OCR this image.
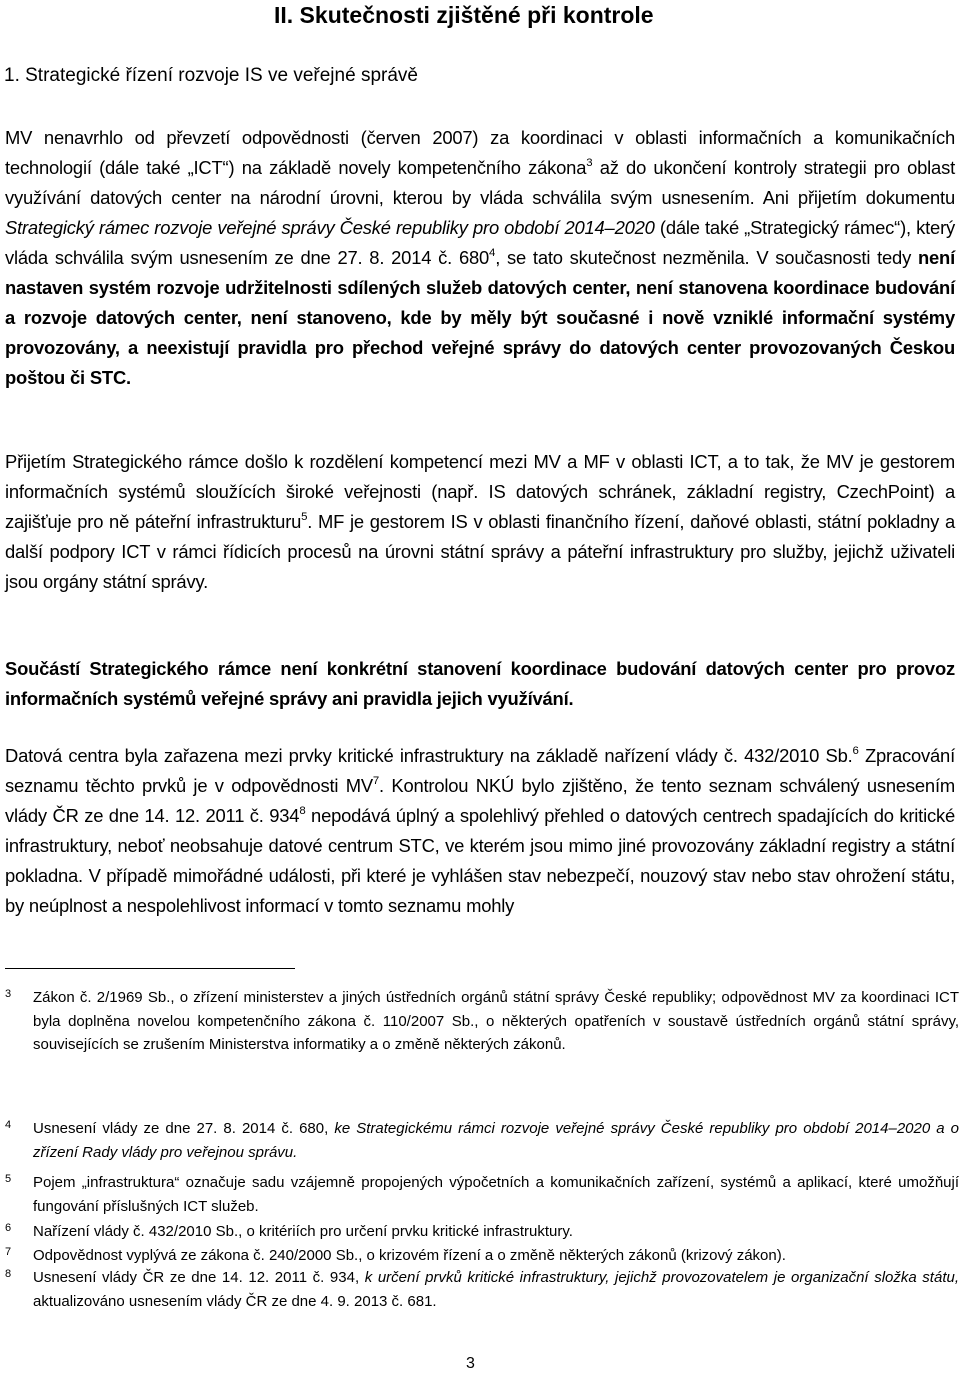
II. Skutečnosti zjištěné při kontrole
1. Strategické řízení rozvoje IS ve veřejné správě

MV nenavrhlo od převzetí odpovědnosti (červen 2007) za koordinaci v oblasti informačních a komunikačních technologií (dále také „ICT“) na základě novely kompetenčního zákona$^3$ až do ukončení kontroly strategii pro oblast využívání datových center na národní úrovni, kterou by vláda schválila svým usnesením. Ani přijetím dokumentu Strategický rámec rozvoje veřejné správy České republiky pro období 2014–2020 (dále také „Strategický rámec“), který vláda schválila svým usnesením ze dne 27. 8. 2014 č. $680^4$, se tato skutečnost nezměnila. V současnosti tedy není nastaven systém rozvoje udržitelnosti sdílených služeb datových center, není stanovena koordinace budování a rozvoje datových center, není stanoveno, kde by měly být současné i nově vzniklé informační systémy provozovány, a neexistují pravidla pro přechod veřejné správy do datových center provozovaných Českou poštou či STC.

Přijetím Strategického rámce došlo k rozdělení kompetencí mezi MV a MF v oblasti ICT, a to tak, že MV je gestorem informačních systémů sloužících široké veřejnosti (např. IS datových schránek, základní registry, CzechPoint) a zajišťuje pro ně páteřní infrastrukturu$^5$. MF je gestorem IS v oblasti finančního řízení, daňové oblasti, státní pokladny a další podpory ICT v rámci řídicích procesů na úrovni státní správy a páteřní infrastruktury pro služby, jejichž uživateli jsou orgány státní správy.

Součástí Strategického rámce není konkrétní stanovení koordinace budování datových center pro provoz informačních systémů veřejné správy ani pravidla jejich využívání.

Datová centra byla zařazena mezi prvky kritické infrastruktury na základě nařízení vlády č. 432/2010 Sb.$^6$ Zpracování seznamu těchto prvků je v odpovědnosti $MV^7$. Kontrolou NKÚ bylo zjištěno, že tento seznam schválený usnesením vlády ČR ze dne 14. 12. 2011 č. $934^8$ nepodává úplný a spolehlivý přehled o datových centrech spadajících do kritické infrastruktury, neboť neobsahuje datové centrum STC, ve kterém jsou mimo jiné provozovány základní registry a státní pokladna. V případě mimořádné události, při které je vyhlášen stav nebezpečí, nouzový stav nebo stav ohrožení státu, by neúplnost a nespolehlivost informací v tomto seznamu mohly

3	Zákon č. 2/1969 Sb., o zřízení ministerstev a jiných ústředních orgánů státní správy České republiky; odpovědnost MV za koordinaci ICT byla doplněna novelou kompetenčního zákona č. 110/2007 Sb., o některých opatřeních v soustavě ústředních orgánů státní správy, souvisejících se zrušením Ministerstva informatiky a o změně některých zákonů.

4	Usnesení vlády ze dne 27. 8. 2014 č. 680, ke Strategickému rámci rozvoje veřejné správy České republiky pro období 2014–2020 a o zřízení Rady vlády pro veřejnou správu.

5	Pojem „infrastruktura“ označuje sadu vzájemně propojených výpočetních a komunikačních zařízení, systémů a aplikací, které umožňují fungování příslušných ICT služeb.

6	Nařízení vlády č. 432/2010 Sb., o kritériích pro určení prvku kritické infrastruktury.

7	Odpovědnost vyplývá ze zákona č. 240/2000 Sb., o krizovém řízení a o změně některých zákonů (krizový zákon).

8	Usnesení vlády ČR ze dne 14. 12. 2011 č. 934, k určení prvků kritické infrastruktury, jejichž provozovatelem je organizační složka státu, aktualizováno usnesením vlády ČR ze dne 4. 9. 2013 č. 681.

3
